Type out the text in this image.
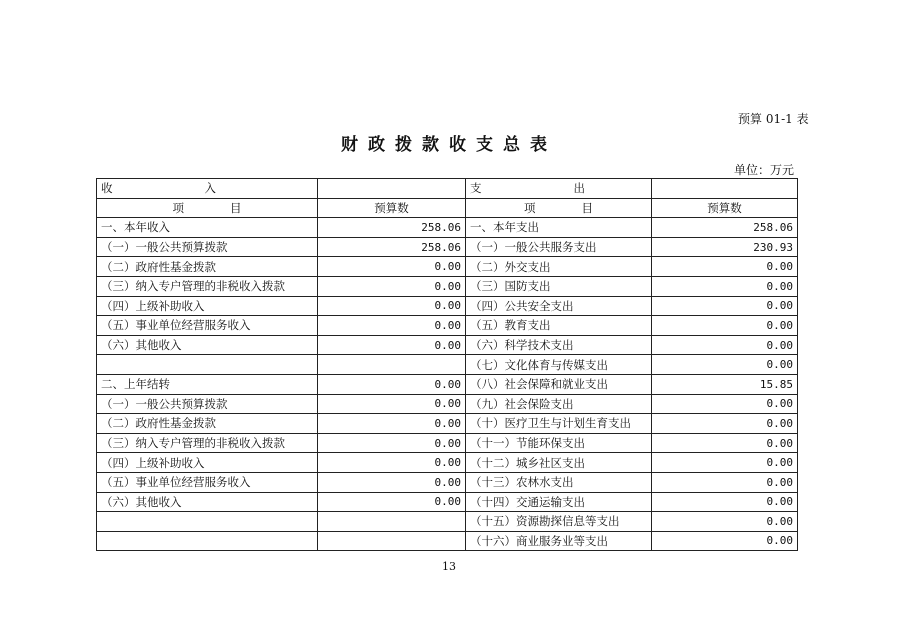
预算 01-1 表
财政拨款收支总表
单位：万元
收　　　　　　　　入		支　　　　　　　　出	
项　　　　目	预算数	项　　　　目	预算数
一、本年收入	258.06	一、本年支出	258.06
（一）一般公共预算拨款	258.06	（一）一般公共服务支出	230.93
（二）政府性基金拨款	0.00	（二）外交支出	0.00
（三）纳入专户管理的非税收入拨款	0.00	（三）国防支出	0.00
（四）上级补助收入	0.00	（四）公共安全支出	0.00
（五）事业单位经营服务收入	0.00	（五）教育支出	0.00
（六）其他收入	0.00	（六）科学技术支出	0.00
		（七）文化体育与传媒支出	0.00
二、上年结转	0.00	（八）社会保障和就业支出	15.85
（一）一般公共预算拨款	0.00	（九）社会保险支出	0.00
（二）政府性基金拨款	0.00	（十）医疗卫生与计划生育支出	0.00
（三）纳入专户管理的非税收入拨款	0.00	（十一）节能环保支出	0.00
（四）上级补助收入	0.00	（十二）城乡社区支出	0.00
（五）事业单位经营服务收入	0.00	（十三）农林水支出	0.00
（六）其他收入	0.00	（十四）交通运输支出	0.00
		（十五）资源勘探信息等支出	0.00
		（十六）商业服务业等支出	0.00
13
